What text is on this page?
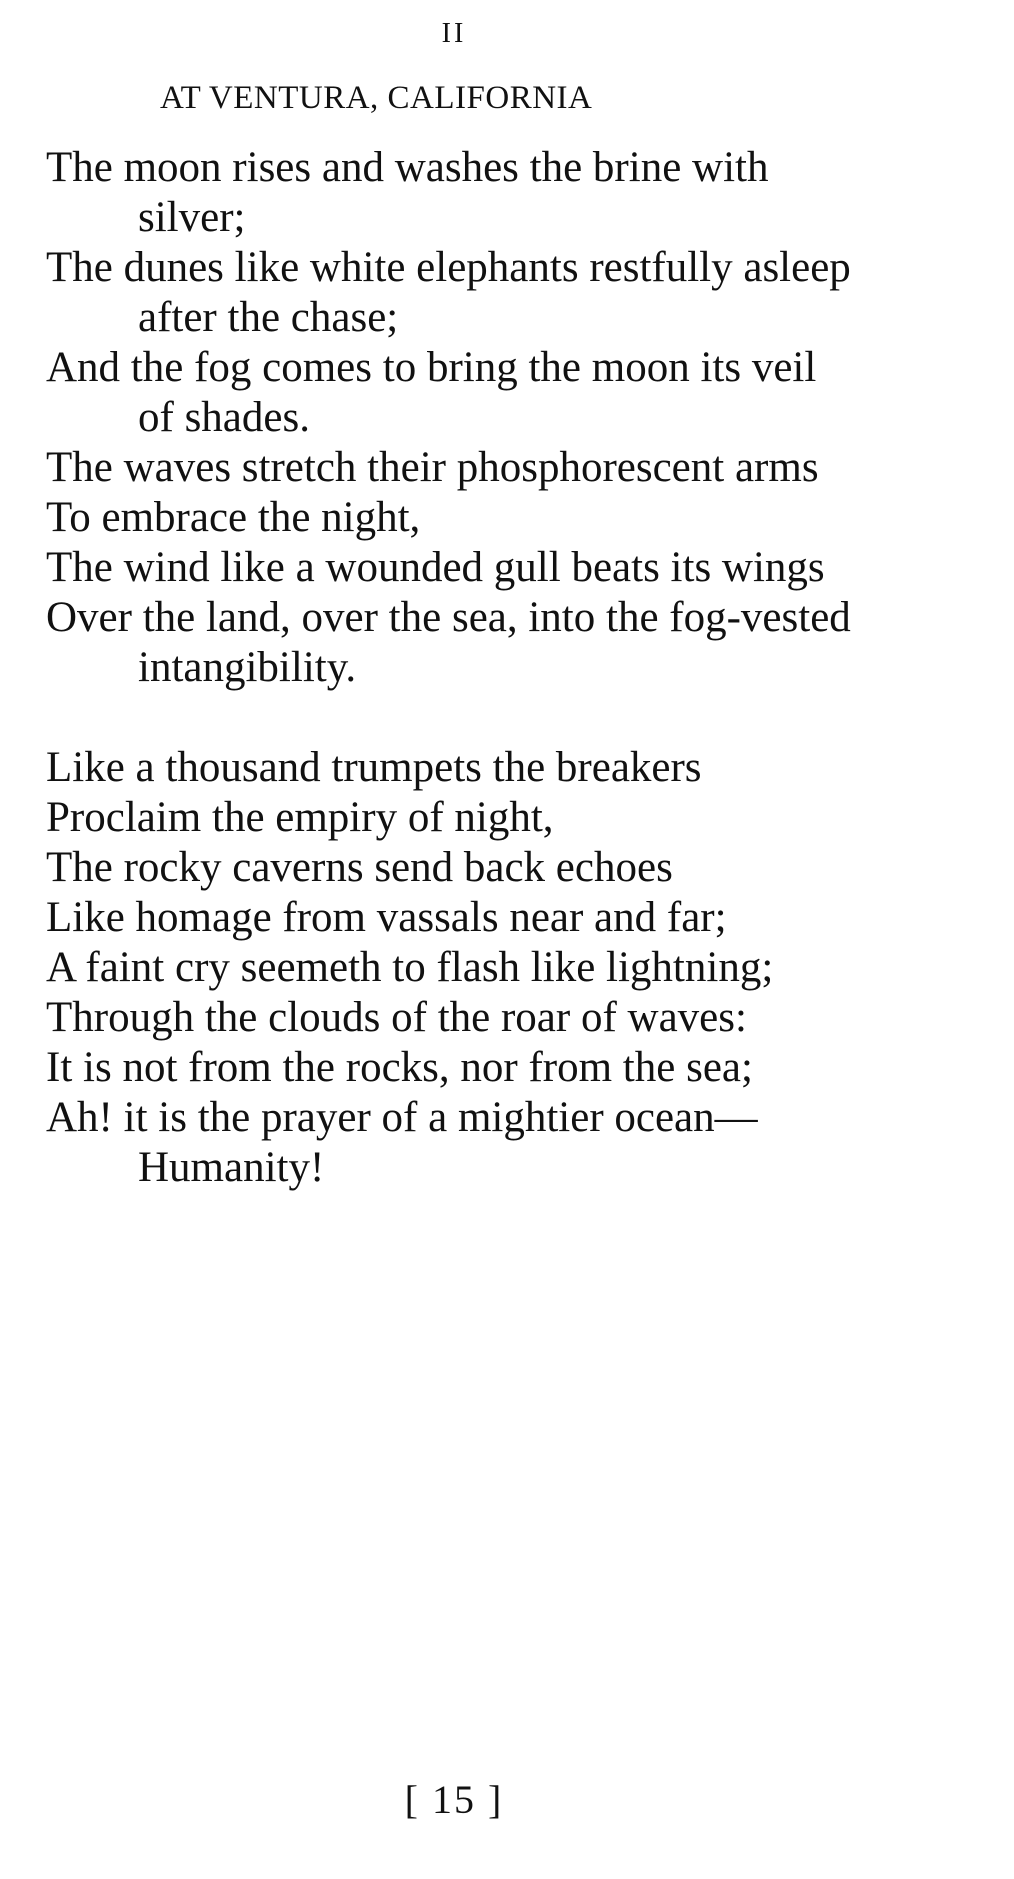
II
AT VENTURA, CALIFORNIA
The moon rises and washes the brine with
silver;
The dunes like white elephants restfully asleep
after the chase;
And the fog comes to bring the moon its veil
of shades.
The waves stretch their phosphorescent arms
To embrace the night,
The wind like a wounded gull beats its wings
Over the land, over the sea, into the fog-vested
intangibility.
Like a thousand trumpets the breakers
Proclaim the empiry of night,
The rocky caverns send back echoes
Like homage from vassals near and far;
A faint cry seemeth to flash like lightning;
Through the clouds of the roar of waves:
It is not from the rocks, nor from the sea;
Ah! it is the prayer of a mightier ocean—
Humanity!
[ 15 ]
